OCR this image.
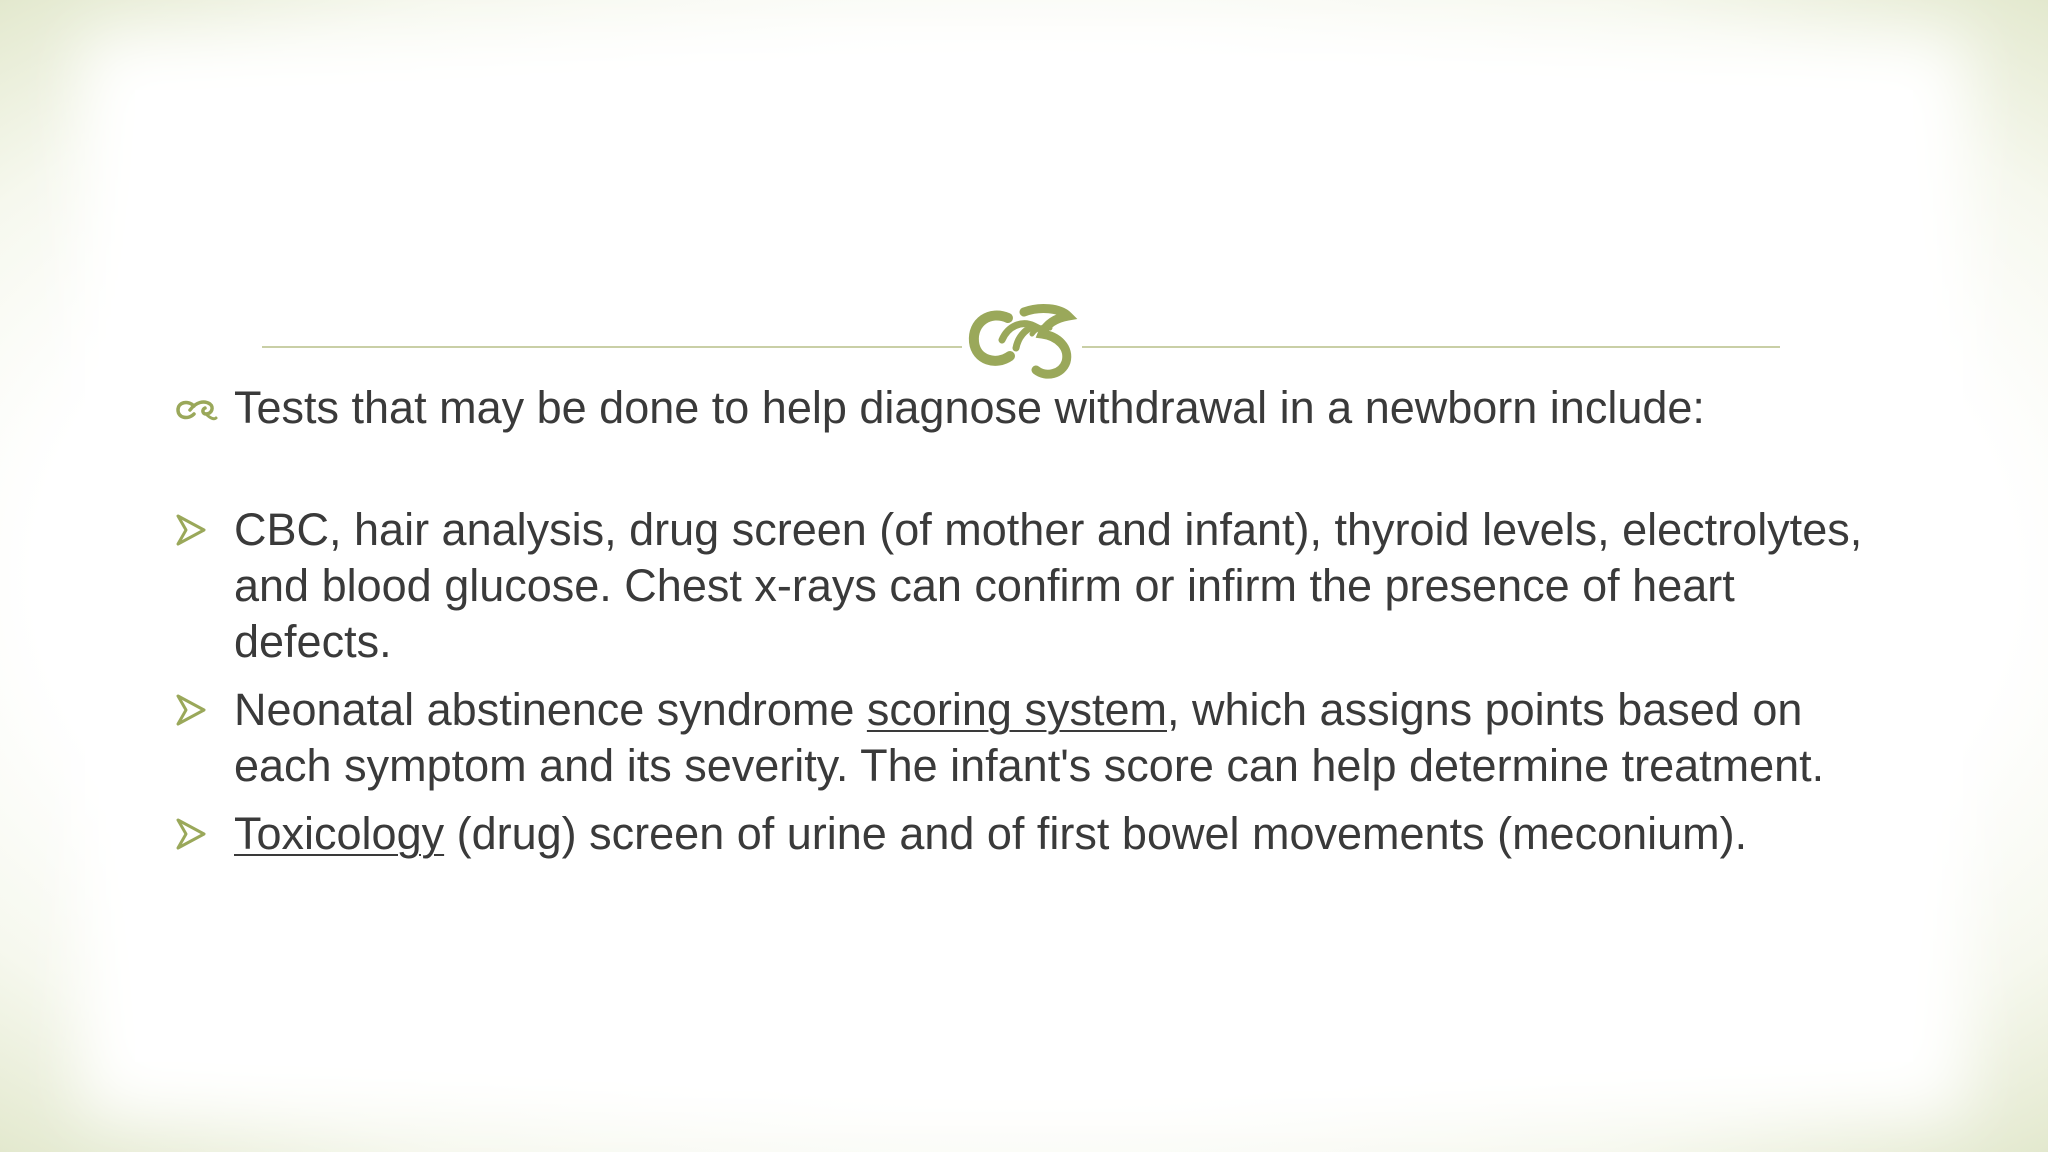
Tests that may be done to help diagnose withdrawal in a newborn include:
CBC, hair analysis, drug screen (of mother and infant), thyroid levels, electrolytes, and blood glucose. Chest x-rays can confirm or infirm the presence of heart defects.
Neonatal abstinence syndrome scoring system, which assigns points based on each symptom and its severity. The infant's score can help determine treatment.
Toxicology (drug) screen of urine and of first bowel movements (meconium).
